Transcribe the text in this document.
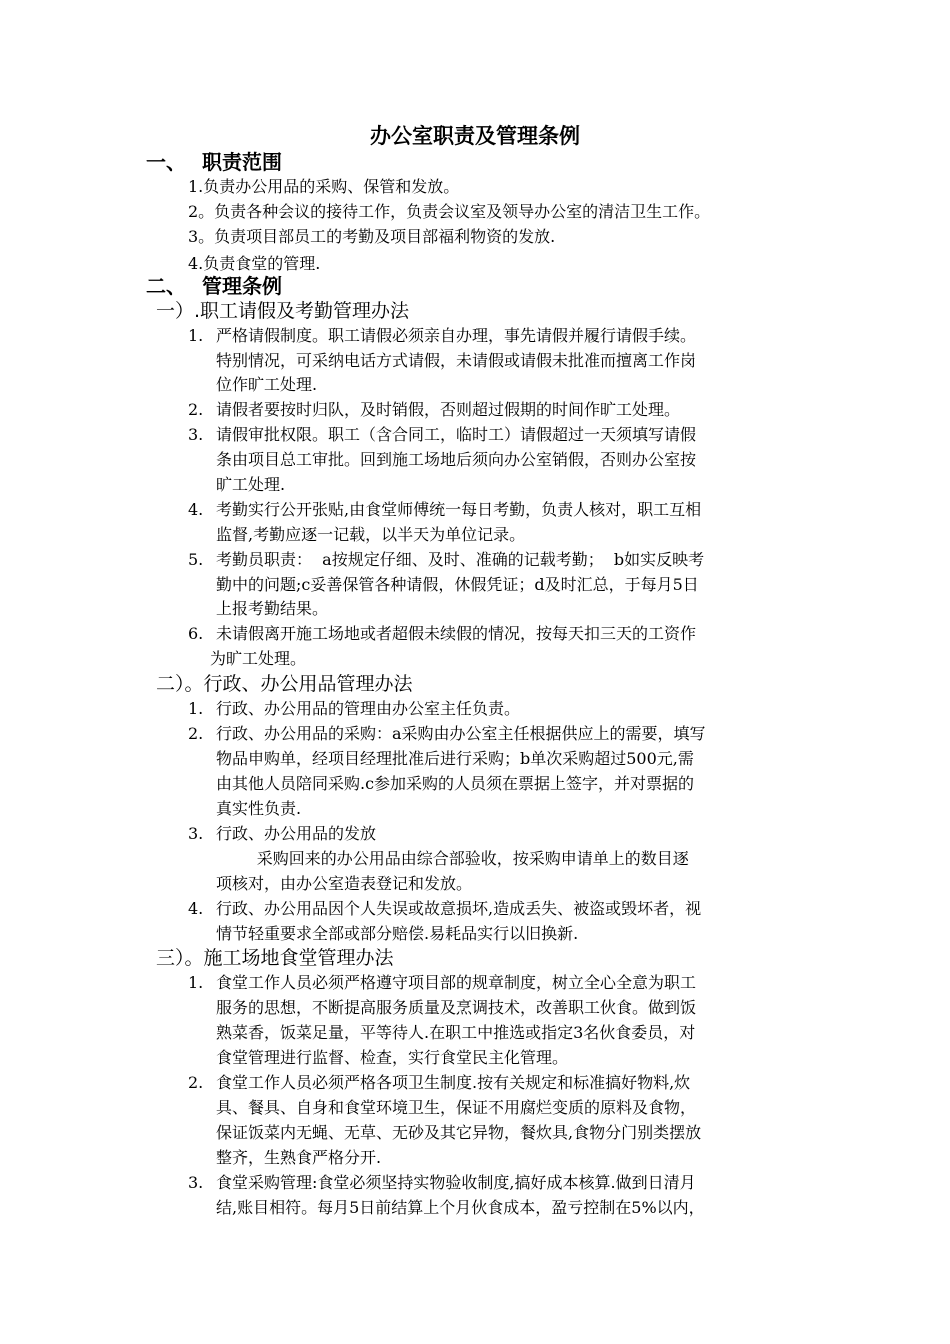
办公室职责及管理条例
一、 职责范围
1.负责办公用品的采购、保管和发放。
2。负责各种会议的接待工作，负责会议室及领导办公室的清洁卫生工作。
3。负责项目部员工的考勤及项目部福利物资的发放.
4.负责食堂的管理.
二、 管理条例
一）.职工请假及考勤管理办法
1. 严格请假制度。职工请假必须亲自办理，事先请假并履行请假手续。
特别情况，可采纳电话方式请假，未请假或请假未批准而擅离工作岗
位作旷工处理.
2. 请假者要按时归队，及时销假，否则超过假期的时间作旷工处理。
3. 请假审批权限。职工（含合同工，临时工）请假超过一天须填写请假
条由项目总工审批。回到施工场地后须向办公室销假，否则办公室按
旷工处理.
4. 考勤实行公开张贴,由食堂师傅统一每日考勤，负责人核对，职工互相
监督,考勤应逐一记载，以半天为单位记录。
5. 考勤员职责：  a按规定仔细、及时、准确的记载考勤；  b如实反映考
勤中的问题;c妥善保管各种请假，休假凭证；d及时汇总，于每月5日
上报考勤结果。
6. 未请假离开施工场地或者超假未续假的情况，按每天扣三天的工资作
为旷工处理。
二）。行政、办公用品管理办法
1. 行政、办公用品的管理由办公室主任负责。
2. 行政、办公用品的采购：a采购由办公室主任根据供应上的需要，填写
物品申购单，经项目经理批准后进行采购；b单次采购超过500元,需
由其他人员陪同采购.c参加采购的人员须在票据上签字，并对票据的
真实性负责.
3. 行政、办公用品的发放
采购回来的办公用品由综合部验收，按采购申请单上的数目逐
项核对，由办公室造表登记和发放。
4. 行政、办公用品因个人失误或故意损坏,造成丢失、被盗或毁坏者，视
情节轻重要求全部或部分赔偿.易耗品实行以旧换新.
三）。施工场地食堂管理办法
1. 食堂工作人员必须严格遵守项目部的规章制度，树立全心全意为职工
服务的思想，不断提高服务质量及烹调技术，改善职工伙食。做到饭
熟菜香，饭菜足量，平等待人.在职工中推选或指定3名伙食委员，对
食堂管理进行监督、检查，实行食堂民主化管理。
2. 食堂工作人员必须严格各项卫生制度.按有关规定和标准搞好物料,炊
具、餐具、自身和食堂环境卫生，保证不用腐烂变质的原料及食物，
保证饭菜内无蝇、无草、无砂及其它异物，餐炊具,食物分门别类摆放
整齐，生熟食严格分开.
3. 食堂采购管理:食堂必须坚持实物验收制度,搞好成本核算.做到日清月
结,账目相符。每月5日前结算上个月伙食成本，盈亏控制在5%以内，
